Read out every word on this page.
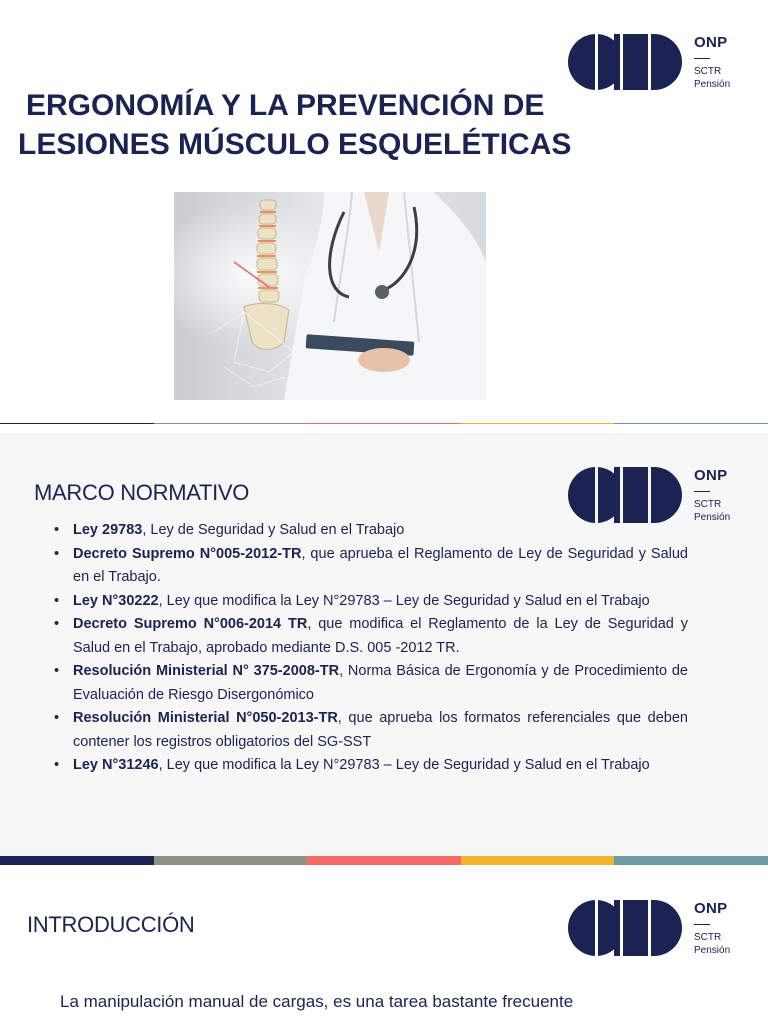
ONP
SCTR
Pensión
ERGONOMÍA Y LA PREVENCIÓN DE
LESIONES MÚSCULO ESQUELÉTICAS
ONP
SCTR
Pensión
MARCO NORMATIVO
• Ley 29783, Ley de Seguridad y Salud en el Trabajo
• Decreto Supremo N°005-2012-TR, que aprueba el Reglamento de Ley de Seguridad y Salud en el Trabajo.
• Ley N°30222, Ley que modifica la Ley N°29783 – Ley de Seguridad y Salud en el Trabajo
• Decreto Supremo N°006-2014 TR, que modifica el Reglamento de la Ley de Seguridad y Salud en el Trabajo, aprobado mediante D.S. 005 -2012 TR.
• Resolución Ministerial N° 375-2008-TR, Norma Básica de Ergonomía y de Procedimiento de Evaluación de Riesgo Disergonómico
• Resolución Ministerial N°050-2013-TR, que aprueba los formatos referenciales que deben contener los registros obligatorios del SG-SST
• Ley N°31246, Ley que modifica la Ley N°29783 – Ley de Seguridad y Salud en el Trabajo
ONP
SCTR
Pensión
INTRODUCCIÓN

La manipulación manual de cargas, es una tarea bastante frecuente
